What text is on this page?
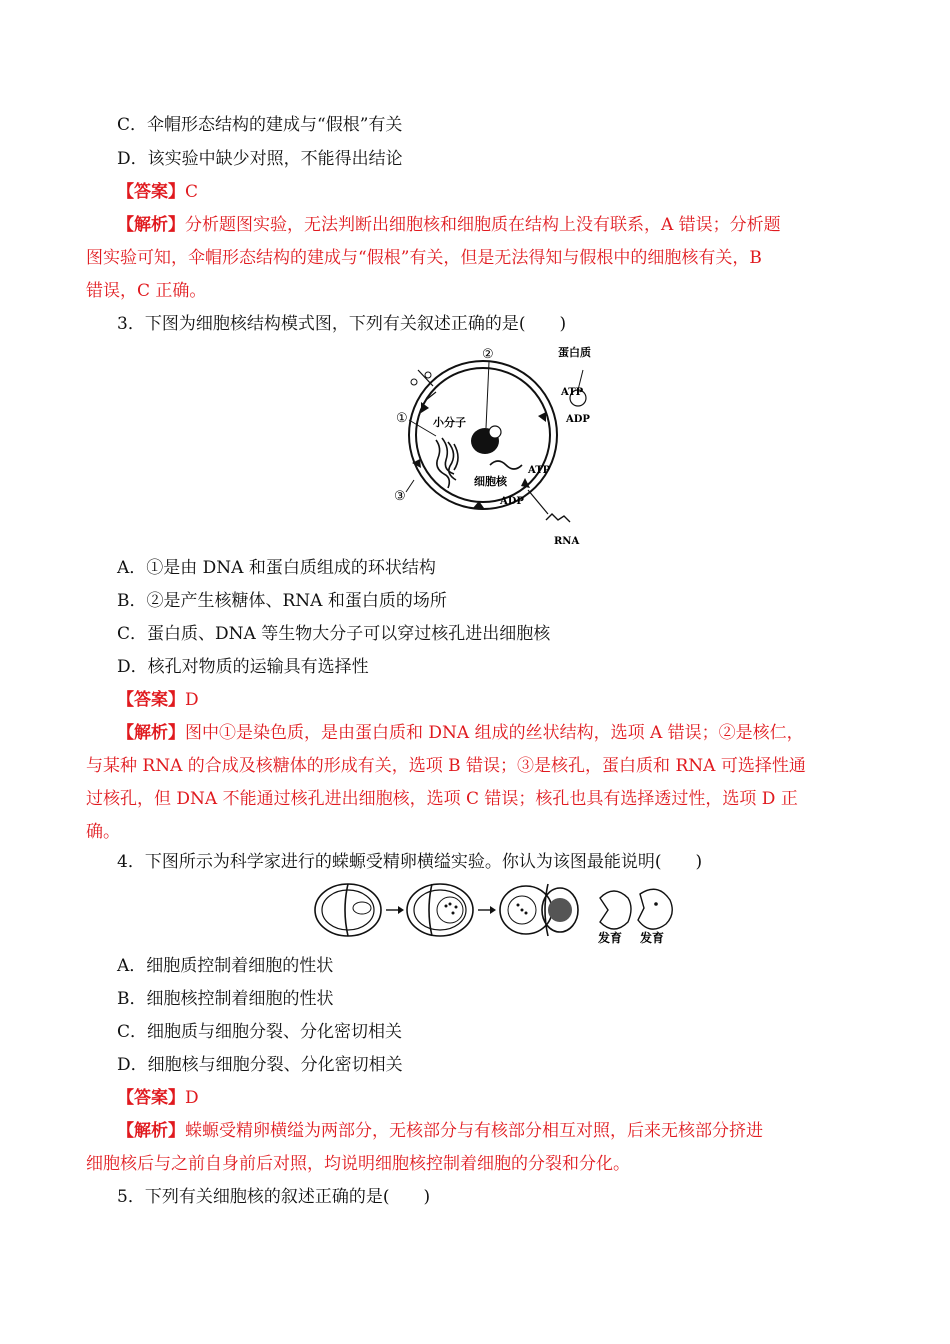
C．伞帽形态结构的建成与“假根”有关
D．该实验中缺少对照，不能得出结论
【答案】C
【解析】分析题图实验，无法判断出细胞核和细胞质在结构上没有联系，A 错误；分析题
图实验可知，伞帽形态结构的建成与“假根”有关，但是无法得知与假根中的细胞核有关，B
错误，C 正确。
3．下图为细胞核结构模式图，下列有关叙述正确的是(　　)
②
①
③
蛋白质
ATP
ADP
小分子
细胞核
ATP
ADP
RNA
A．①是由 DNA 和蛋白质组成的环状结构
B．②是产生核糖体、RNA 和蛋白质的场所
C．蛋白质、DNA 等生物大分子可以穿过核孔进出细胞核
D．核孔对物质的运输具有选择性
【答案】D
【解析】图中①是染色质，是由蛋白质和 DNA 组成的丝状结构，选项 A 错误；②是核仁，
与某种 RNA 的合成及核糖体的形成有关，选项 B 错误；③是核孔，蛋白质和 RNA 可选择性通
过核孔，但 DNA 不能通过核孔进出细胞核，选项 C 错误；核孔也具有选择透过性，选项 D 正
确。
4．下图所示为科学家进行的蝾螈受精卵横缢实验。你认为该图最能说明(　　)
发育 发育
A．细胞质控制着细胞的性状
B．细胞核控制着细胞的性状
C．细胞质与细胞分裂、分化密切相关
D．细胞核与细胞分裂、分化密切相关
【答案】D
【解析】蝾螈受精卵横缢为两部分，无核部分与有核部分相互对照，后来无核部分挤进
细胞核后与之前自身前后对照，均说明细胞核控制着细胞的分裂和分化。
5．下列有关细胞核的叙述正确的是(　　)
